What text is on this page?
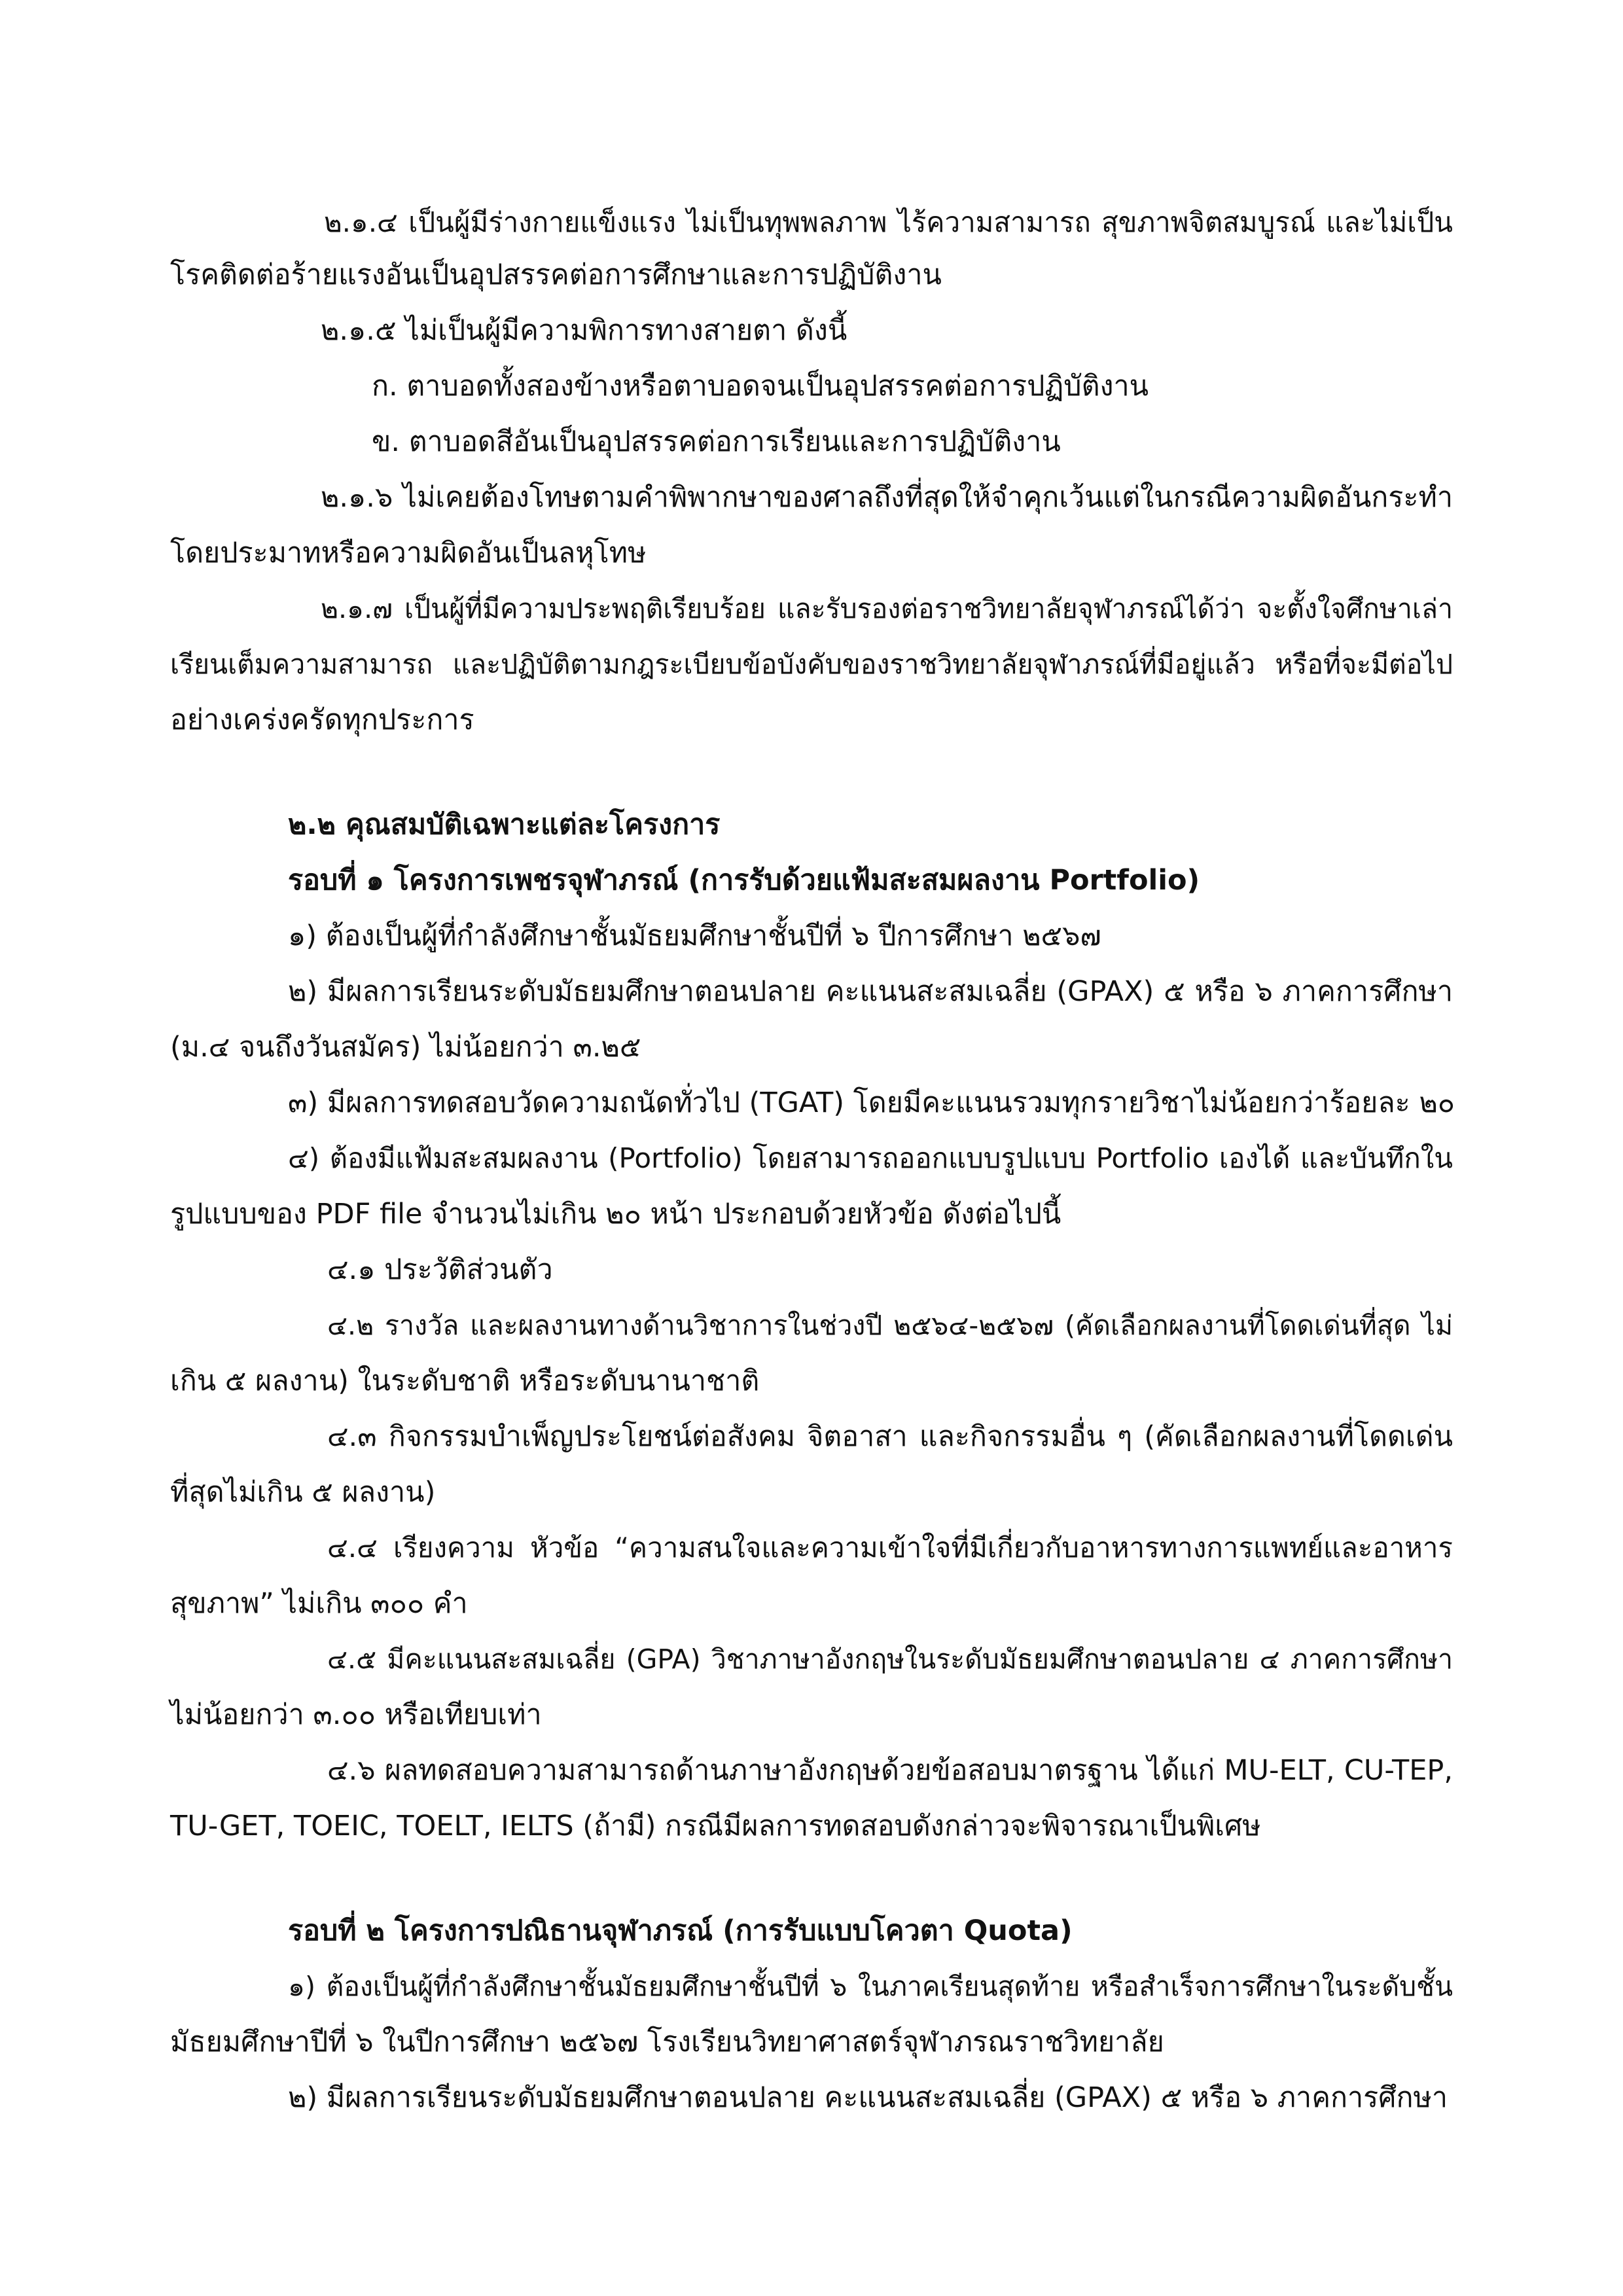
๒.๑.๔ เป็นผู้มีร่างกายแข็งแรง ไม่เป็นทุพพลภาพ ไร้ความสามารถ สุขภาพจิตสมบูรณ์ และไม่เป็น

โรคติดต่อร้ายแรงอันเป็นอุปสรรคต่อการศึกษาและการปฏิบัติงาน

๒.๑.๕ ไม่เป็นผู้มีความพิการทางสายตา ดังนี้

ก. ตาบอดทั้งสองข้างหรือตาบอดจนเป็นอุปสรรคต่อการปฏิบัติงาน

ข. ตาบอดสีอันเป็นอุปสรรคต่อการเรียนและการปฏิบัติงาน

๒.๑.๖ ไม่เคยต้องโทษตามคำพิพากษาของศาลถึงที่สุดให้จำคุกเว้นแต่ในกรณีความผิดอันกระทำ

โดยประมาทหรือความผิดอันเป็นลหุโทษ

๒.๑.๗ เป็นผู้ที่มีความประพฤติเรียบร้อย และรับรองต่อราชวิทยาลัยจุฬาภรณ์ได้ว่า จะตั้งใจศึกษาเล่า

เรียนเต็มความสามารถ และปฏิบัติตามกฎระเบียบข้อบังคับของราชวิทยาลัยจุฬาภรณ์ที่มีอยู่แล้ว หรือที่จะมีต่อไป

อย่างเคร่งครัดทุกประการ

๒.๒ คุณสมบัติเฉพาะแต่ละโครงการ

รอบที่ ๑ โครงการเพชรจุฬาภรณ์ (การรับด้วยแฟ้มสะสมผลงาน Portfolio)

๑) ต้องเป็นผู้ที่กำลังศึกษาชั้นมัธยมศึกษาชั้นปีที่ ๖ ปีการศึกษา ๒๕๖๗

๒) มีผลการเรียนระดับมัธยมศึกษาตอนปลาย คะแนนสะสมเฉลี่ย (GPAX) ๕ หรือ ๖ ภาคการศึกษา

(ม.๔ จนถึงวันสมัคร) ไม่น้อยกว่า ๓.๒๕

๓) มีผลการทดสอบวัดความถนัดทั่วไป (TGAT) โดยมีคะแนนรวมทุกรายวิชาไม่น้อยกว่าร้อยละ ๒๐

๔) ต้องมีแฟ้มสะสมผลงาน (Portfolio) โดยสามารถออกแบบรูปแบบ Portfolio เองได้ และบันทึกใน

รูปแบบของ PDF file จำนวนไม่เกิน ๒๐ หน้า ประกอบด้วยหัวข้อ ดังต่อไปนี้

๔.๑ ประวัติส่วนตัว

๔.๒ รางวัล และผลงานทางด้านวิชาการในช่วงปี ๒๕๖๔-๒๕๖๗ (คัดเลือกผลงานที่โดดเด่นที่สุด ไม่

เกิน ๕ ผลงาน) ในระดับชาติ หรือระดับนานาชาติ

๔.๓ กิจกรรมบำเพ็ญประโยชน์ต่อสังคม จิตอาสา และกิจกรรมอื่น ๆ (คัดเลือกผลงานที่โดดเด่น

ที่สุดไม่เกิน ๕ ผลงาน)

๔.๔ เรียงความ หัวข้อ “ความสนใจและความเข้าใจที่มีเกี่ยวกับอาหารทางการแพทย์และอาหาร

สุขภาพ” ไม่เกิน ๓๐๐ คำ

๔.๕ มีคะแนนสะสมเฉลี่ย (GPA) วิชาภาษาอังกฤษในระดับมัธยมศึกษาตอนปลาย ๔ ภาคการศึกษา

ไม่น้อยกว่า ๓.๐๐ หรือเทียบเท่า

๔.๖ ผลทดสอบความสามารถด้านภาษาอังกฤษด้วยข้อสอบมาตรฐาน ได้แก่ MU-ELT, CU-TEP,

TU-GET, TOEIC, TOELT, IELTS (ถ้ามี) กรณีมีผลการทดสอบดังกล่าวจะพิจารณาเป็นพิเศษ

รอบที่ ๒ โครงการปณิธานจุฬาภรณ์ (การรับแบบโควตา Quota)

๑) ต้องเป็นผู้ที่กำลังศึกษาชั้นมัธยมศึกษาชั้นปีที่ ๖ ในภาคเรียนสุดท้าย หรือสำเร็จการศึกษาในระดับชั้น

มัธยมศึกษาปีที่ ๖ ในปีการศึกษา ๒๕๖๗ โรงเรียนวิทยาศาสตร์จุฬาภรณราชวิทยาลัย

๒) มีผลการเรียนระดับมัธยมศึกษาตอนปลาย คะแนนสะสมเฉลี่ย (GPAX) ๕ หรือ ๖ ภาคการศึกษา
